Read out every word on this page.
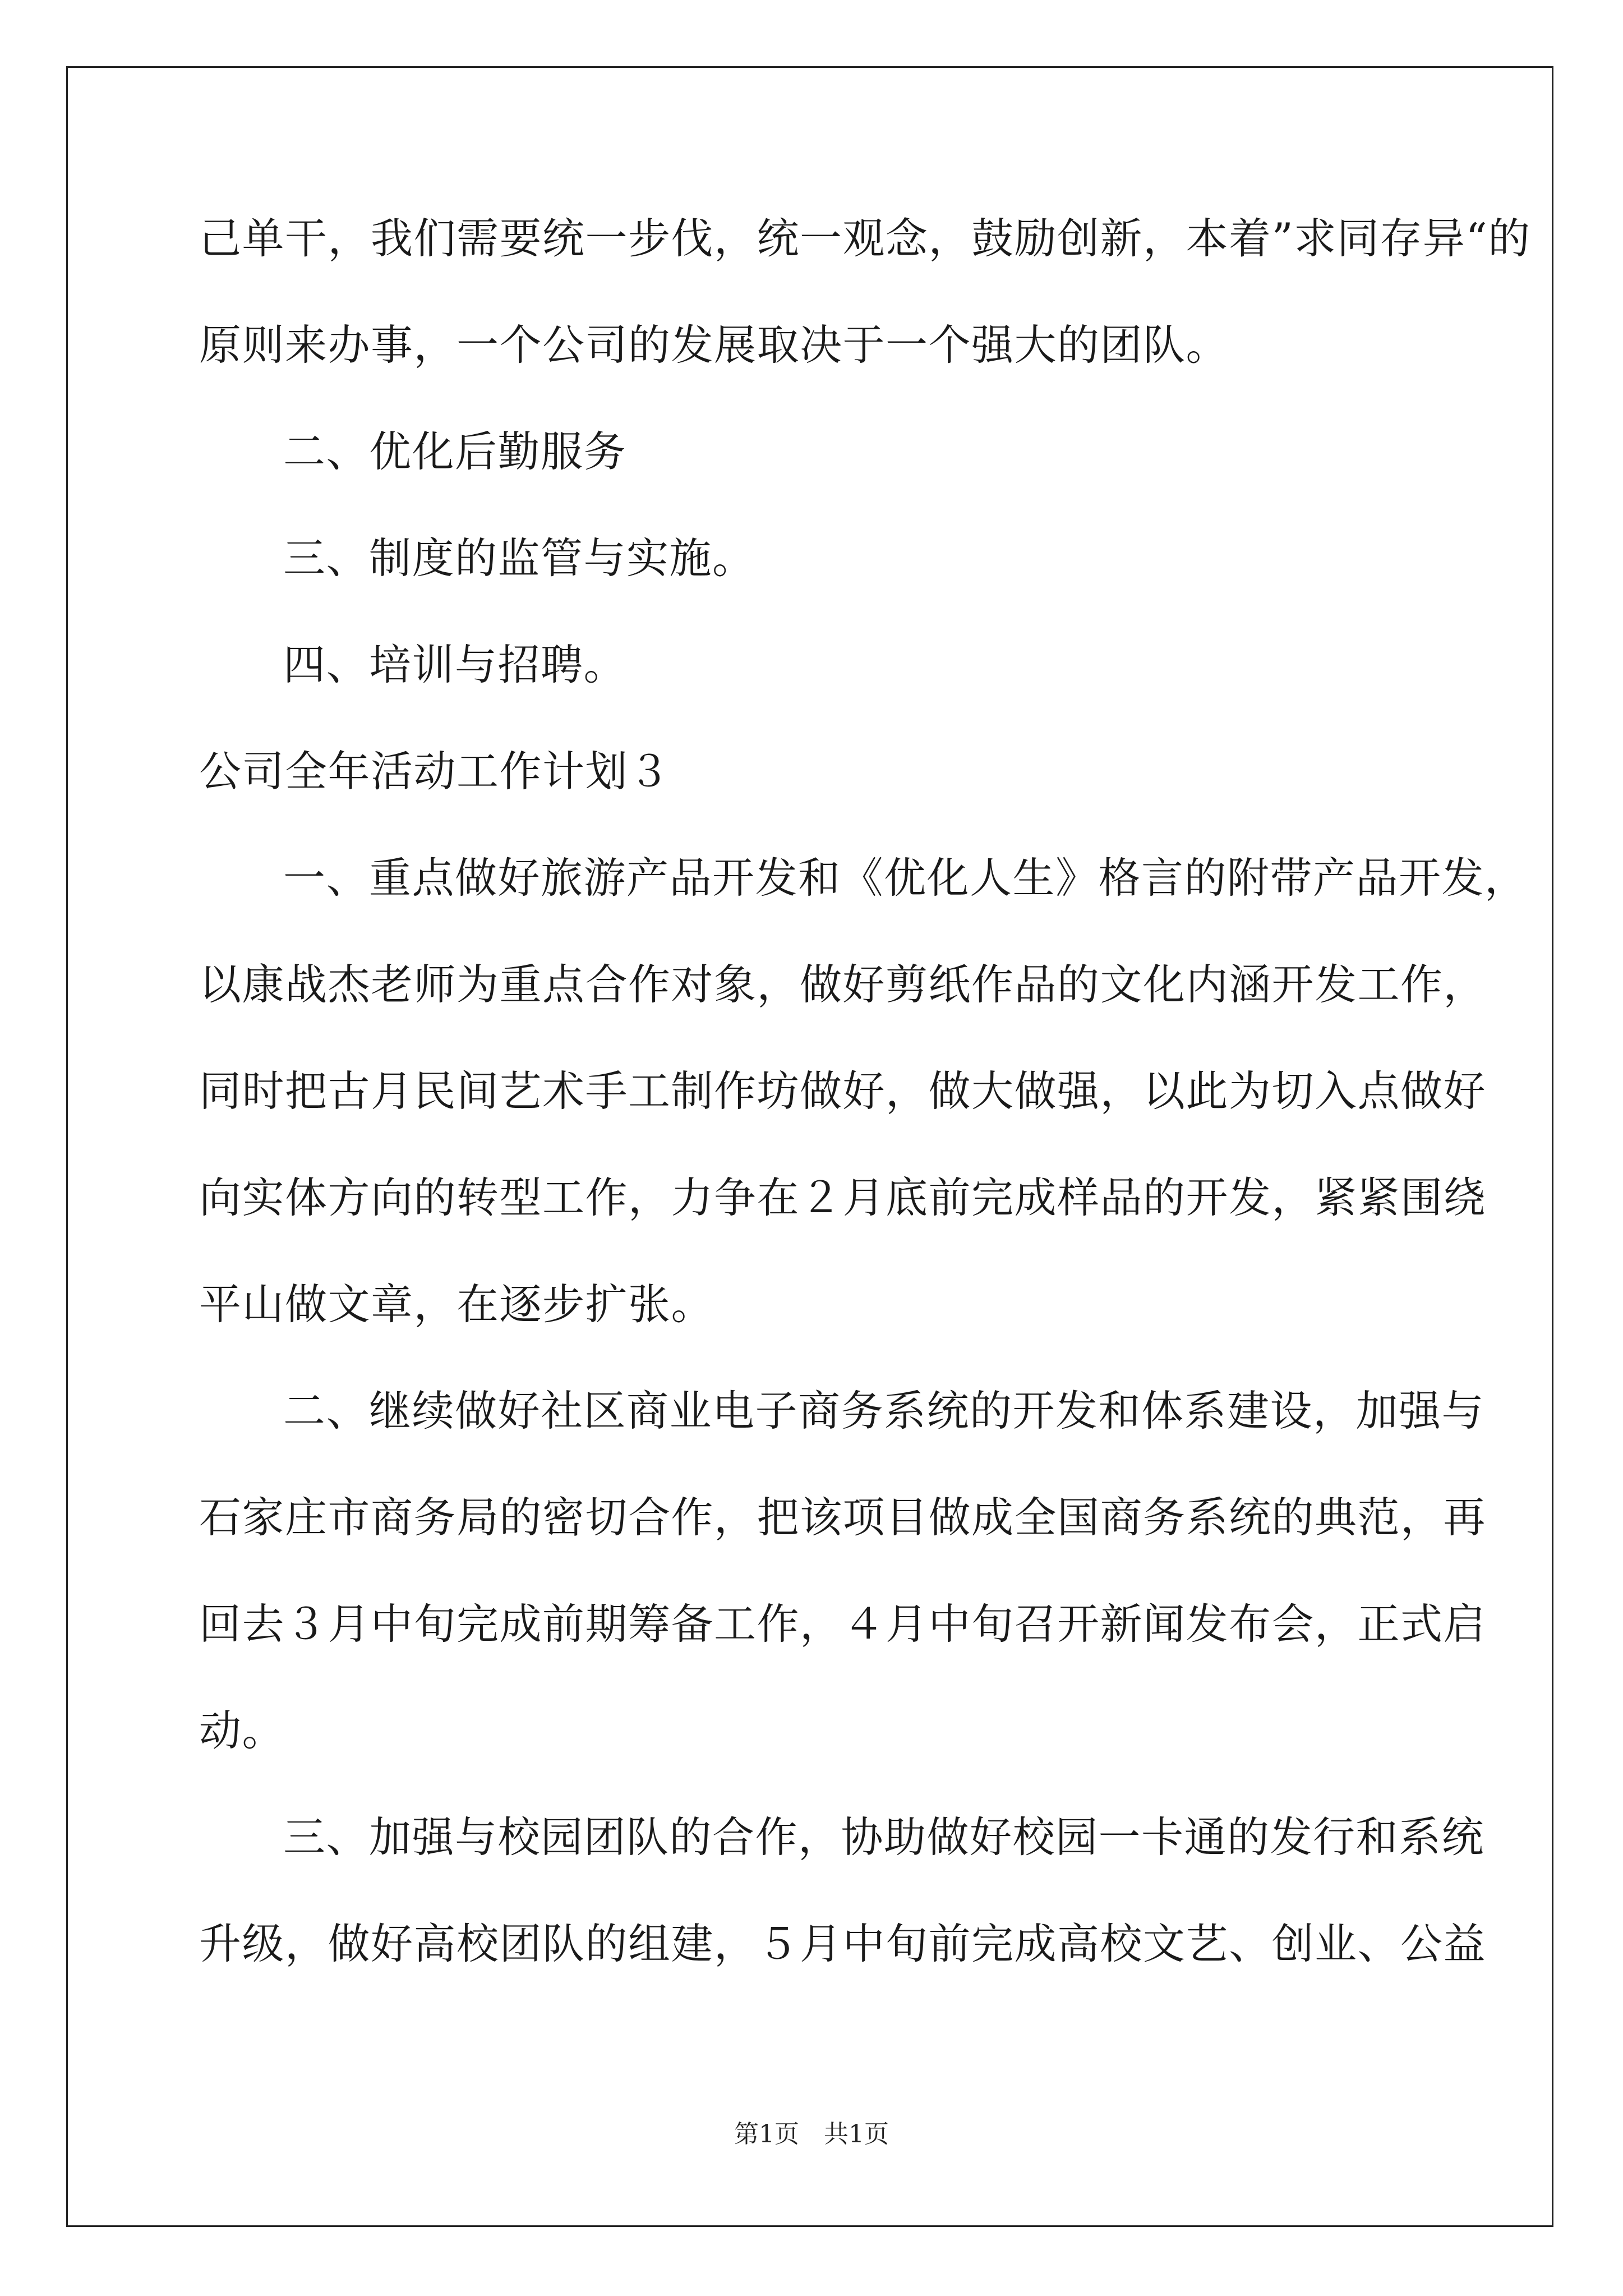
己单干，我们需要统一步伐，统一观念，鼓励创新，本着”求同存异“的
原则来办事，一个公司的发展取决于一个强大的团队。
二、优化后勤服务
三、制度的监管与实施。
四、培训与招聘。
公司全年活动工作计划３
一、重点做好旅游产品开发和《优化人生》格言的附带产品开发，
以康战杰老师为重点合作对象，做好剪纸作品的文化内涵开发工作，
同时把古月民间艺术手工制作坊做好，做大做强，以此为切入点做好
向实体方向的转型工作，力争在２月底前完成样品的开发，紧紧围绕
平山做文章，在逐步扩张。
二、继续做好社区商业电子商务系统的开发和体系建设，加强与
石家庄市商务局的密切合作，把该项目做成全国商务系统的典范，再
回去３月中旬完成前期筹备工作，４月中旬召开新闻发布会，正式启
动。
三、加强与校园团队的合作，协助做好校园一卡通的发行和系统
升级，做好高校团队的组建，５月中旬前完成高校文艺、创业、公益
第1页 共1页
